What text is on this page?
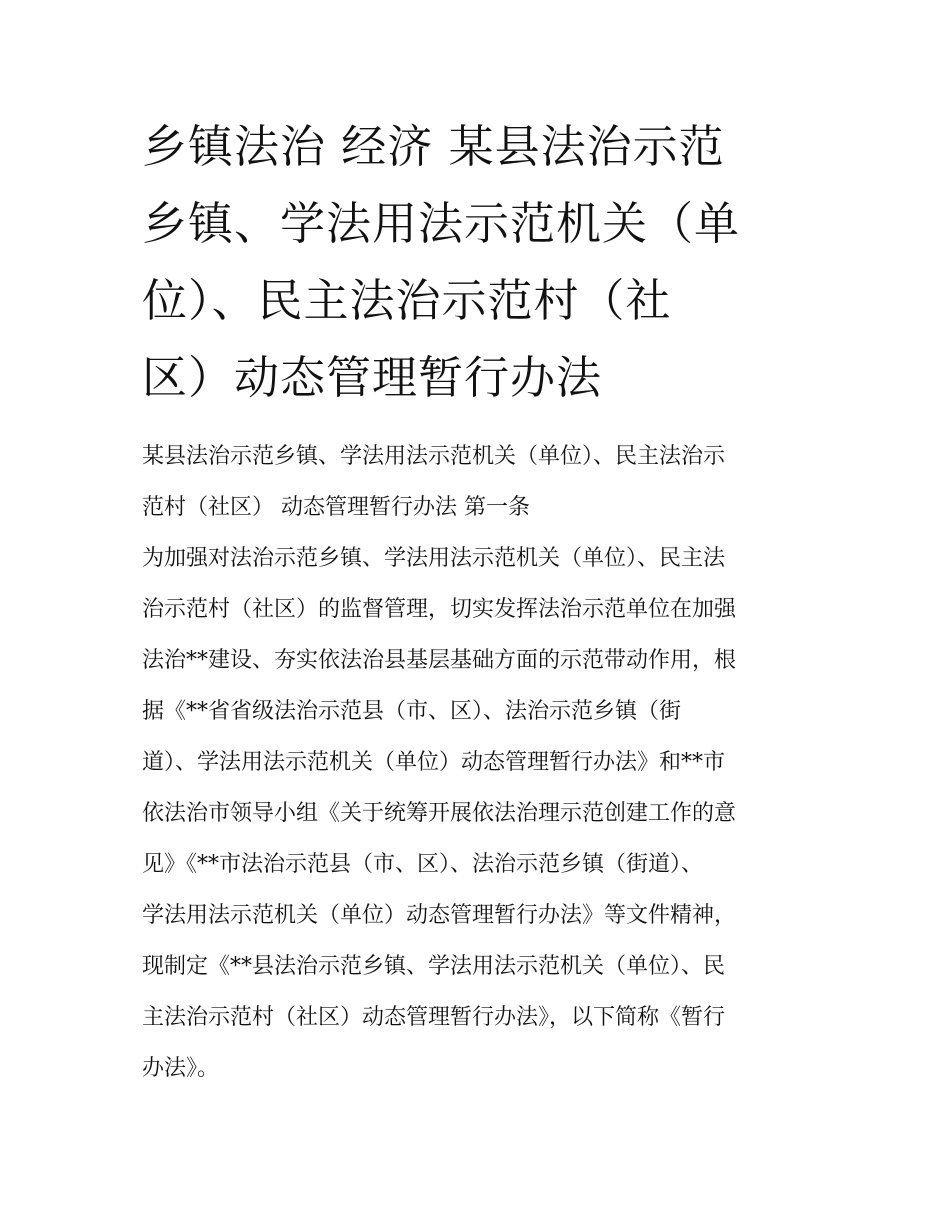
乡镇法治 经济 某县法治示范
乡镇、学法用法示范机关（单
位）、民主法治示范村（社
区）动态管理暂行办法
某县法治示范乡镇、学法用法示范机关（单位）、民主法治示
范村（社区） 动态管理暂行办法 第一条
为加强对法治示范乡镇、学法用法示范机关（单位）、民主法
治示范村（社区）的监督管理，切实发挥法治示范单位在加强
法治**建设、夯实依法治县基层基础方面的示范带动作用，根
据《**省省级法治示范县（市、区）、法治示范乡镇（街
道）、学法用法示范机关（单位）动态管理暂行办法》和**市
依法治市领导小组《关于统筹开展依法治理示范创建工作的意
见》《**市法治示范县（市、区）、法治示范乡镇（街道）、
学法用法示范机关（单位）动态管理暂行办法》等文件精神，
现制定《**县法治示范乡镇、学法用法示范机关（单位）、民
主法治示范村（社区）动态管理暂行办法》，以下简称《暂行
办法》。
